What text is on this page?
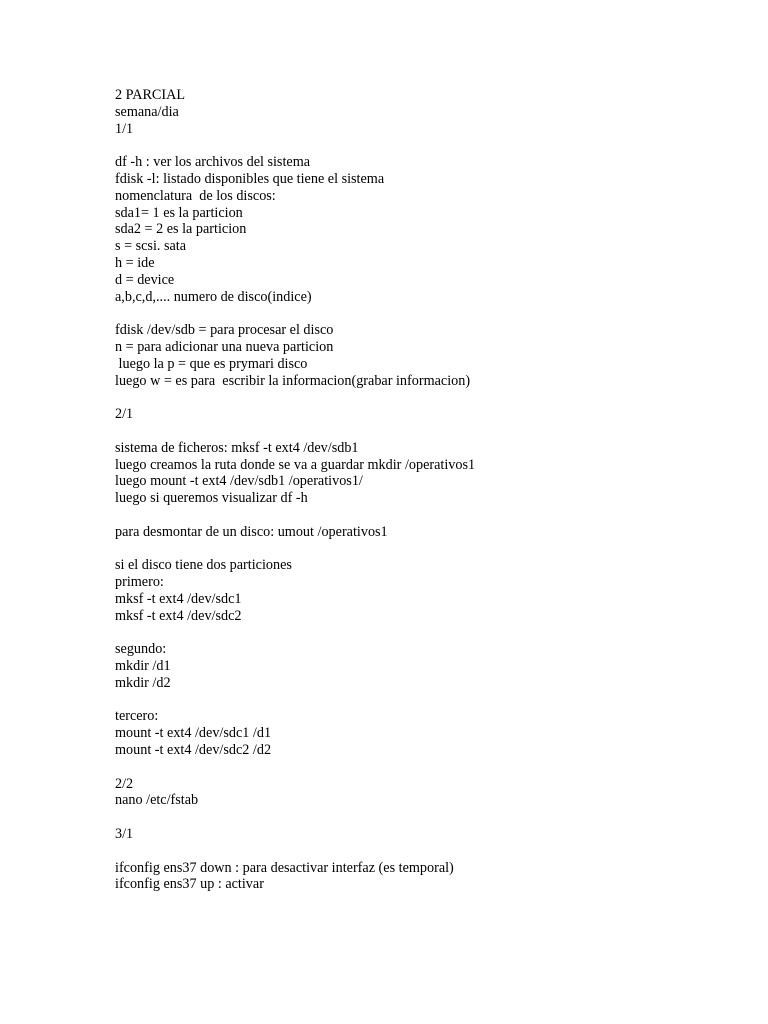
2 PARCIAL
semana/dia
1/1
df -h : ver los archivos del sistema
fdisk -l: listado disponibles que tiene el sistema
nomenclatura  de los discos:
sda1= 1 es la particion
sda2 = 2 es la particion
s = scsi. sata
h = ide
d = device
a,b,c,d,.... numero de disco(indice)
fdisk /dev/sdb = para procesar el disco
n = para adicionar una nueva particion
luego la p = que es prymari disco
luego w = es para  escribir la informacion(grabar informacion)
2/1
sistema de ficheros: mksf -t ext4 /dev/sdb1
luego creamos la ruta donde se va a guardar mkdir /operativos1
luego mount -t ext4 /dev/sdb1 /operativos1/
luego si queremos visualizar df -h
para desmontar de un disco: umout /operativos1
si el disco tiene dos particiones
primero:
mksf -t ext4 /dev/sdc1
mksf -t ext4 /dev/sdc2
segundo:
mkdir /d1
mkdir /d2
tercero:
mount -t ext4 /dev/sdc1 /d1
mount -t ext4 /dev/sdc2 /d2
2/2
nano /etc/fstab
3/1
ifconfig ens37 down : para desactivar interfaz (es temporal)
ifconfig ens37 up : activar
